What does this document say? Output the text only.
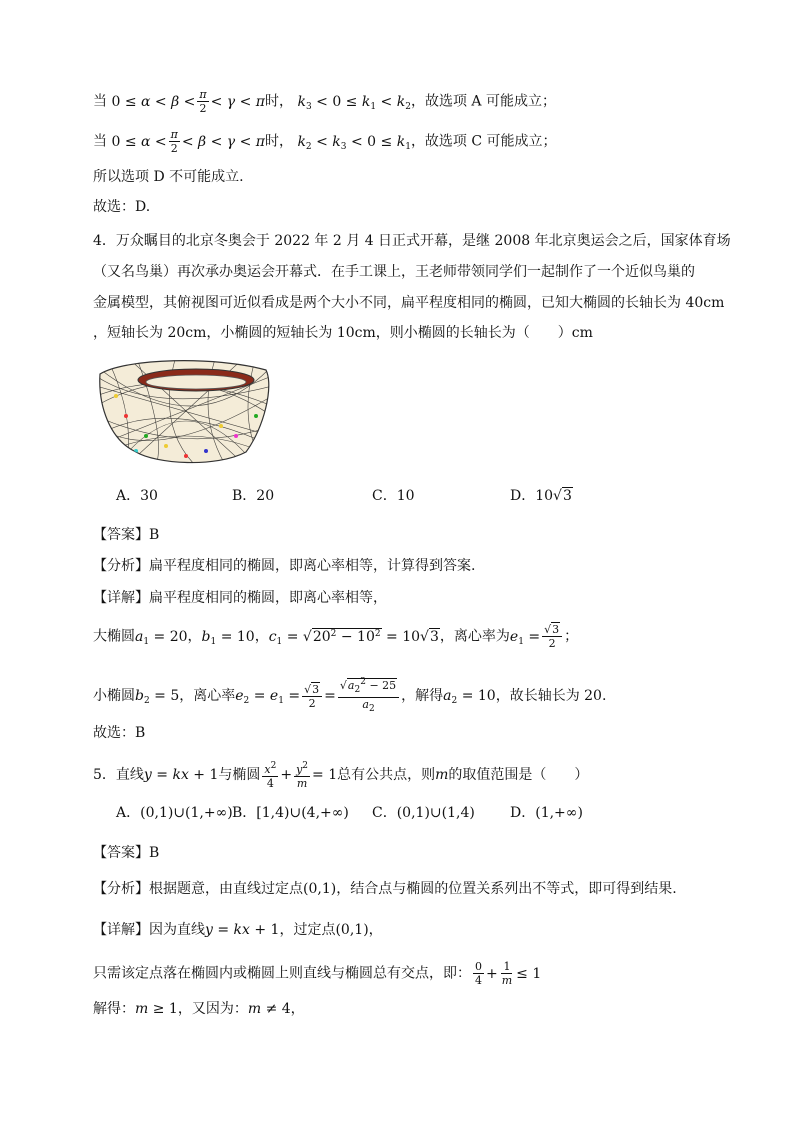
当 $0 \le \alpha < \beta < \frac{\pi}{2} < \gamma < \pi$时， $k_3 < 0 \le k_1 < k_2$，故选项 A 可能成立；
当 $0 \le \alpha < \frac{\pi}{2} < \beta < \gamma < \pi$时， $k_2 < k_3 < 0 \le k_1$，故选项 C 可能成立；
所以选项 D 不可能成立.
故选：D.
4．万众瞩目的北京冬奥会于 2022 年 2 月 4 日正式开幕，是继 2008 年北京奥运会之后，国家体育场
（又名鸟巢）再次承办奥运会开幕式．在手工课上，王老师带领同学们一起制作了一个近似鸟巢的
金属模型，其俯视图可近似看成是两个大小不同，扁平程度相同的椭圆，已知大椭圆的长轴长为 40cm
，短轴长为 20cm，小椭圆的短轴长为 10cm，则小椭圆的长轴长为（　　）cm
A．30	B．20	C．10	D．10√3
【答案】B
【分析】扁平程度相同的椭圆，即离心率相等，计算得到答案.
【详解】扁平程度相同的椭圆，即离心率相等，
大椭圆$a_1 = 20$，$b_1 = 10$，$c_1 = √20^2 - 10^2 = 10√3$，离心率为$e_1 = \frac{√3}{2}$ ；
小椭圆$b_2 = 5$，离心率$e_2 = e_1 = \frac{√3}{2} = \frac{√a_2^2 - 25}{a_2}$ ，解得$a_2 = 10$，故长轴长为 20.
故选：B
5．直线y = kx + 1与椭圆 $\frac{x^2}{4} + \frac{y^2}{m} = 1$总有公共点，则m的取值范围是（　　）
A．(0,1)∪(1,+∞) B．[1,4)∪(4,+∞) C．(0,1)∪(1,4)	D．(1,+∞)
【答案】B
【分析】根据题意，由直线过定点(0,1)，结合点与椭圆的位置关系列出不等式，即可得到结果.
【详解】因为直线y = kx + 1，过定点(0,1)，
只需该定点落在椭圆内或椭圆上则直线与椭圆总有交点，即： $\frac{0}{4} + \frac{1}{m} \le 1$
解得：m ≥ 1，又因为：m ≠ 4，
